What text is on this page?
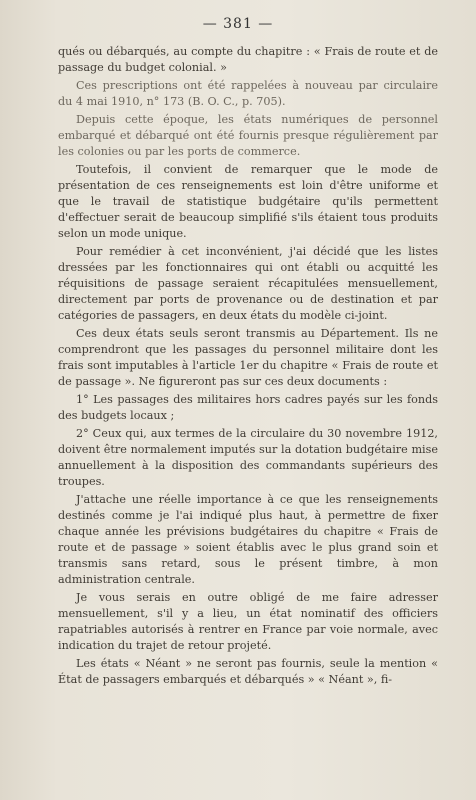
— 381 —

qués ou débarqués, au compte du chapitre : « Frais de route et de passage du budget colonial. »

Ces prescriptions ont été rappelées à nouveau par circulaire du 4 mai 1910, n° 173 (B. O. C., p. 705).

Depuis cette époque, les états numériques de personnel embarqué et débarqué ont été fournis presque régulièrement par les colonies ou par les ports de commerce.

Toutefois, il convient de remarquer que le mode de présentation de ces renseignements est loin d'être uniforme et que le travail de statistique budgétaire qu'ils permettent d'effectuer serait de beaucoup simplifié s'ils étaient tous produits selon un mode unique.

Pour remédier à cet inconvénient, j'ai décidé que les listes dressées par les fonctionnaires qui ont établi ou acquitté les réquisitions de passage seraient récapitulées mensuellement, directement par ports de provenance ou de destination et par catégories de passagers, en deux états du modèle ci-joint.

Ces deux états seuls seront transmis au Département. Ils ne comprendront que les passages du personnel militaire dont les frais sont imputables à l'article 1er du chapitre « Frais de route et de passage ». Ne figureront pas sur ces deux documents :

1° Les passages des militaires hors cadres payés sur les fonds des budgets locaux ;

2° Ceux qui, aux termes de la circulaire du 30 novembre 1912, doivent être normalement imputés sur la dotation budgétaire mise annuellement à la disposition des commandants supérieurs des troupes.

J'attache une réelle importance à ce que les renseignements destinés comme je l'ai indiqué plus haut, à permettre de fixer chaque année les prévisions budgétaires du chapitre « Frais de route et de passage » soient établis avec le plus grand soin et transmis sans retard, sous le présent timbre, à mon administration centrale.

Je vous serais en outre obligé de me faire adresser mensuellement, s'il y a lieu, un état nominatif des officiers rapatriables autorisés à rentrer en France par voie normale, avec indication du trajet de retour projeté.

Les états « Néant » ne seront pas fournis, seule la mention « État de passagers embarqués et débarqués » « Néant », fi-
